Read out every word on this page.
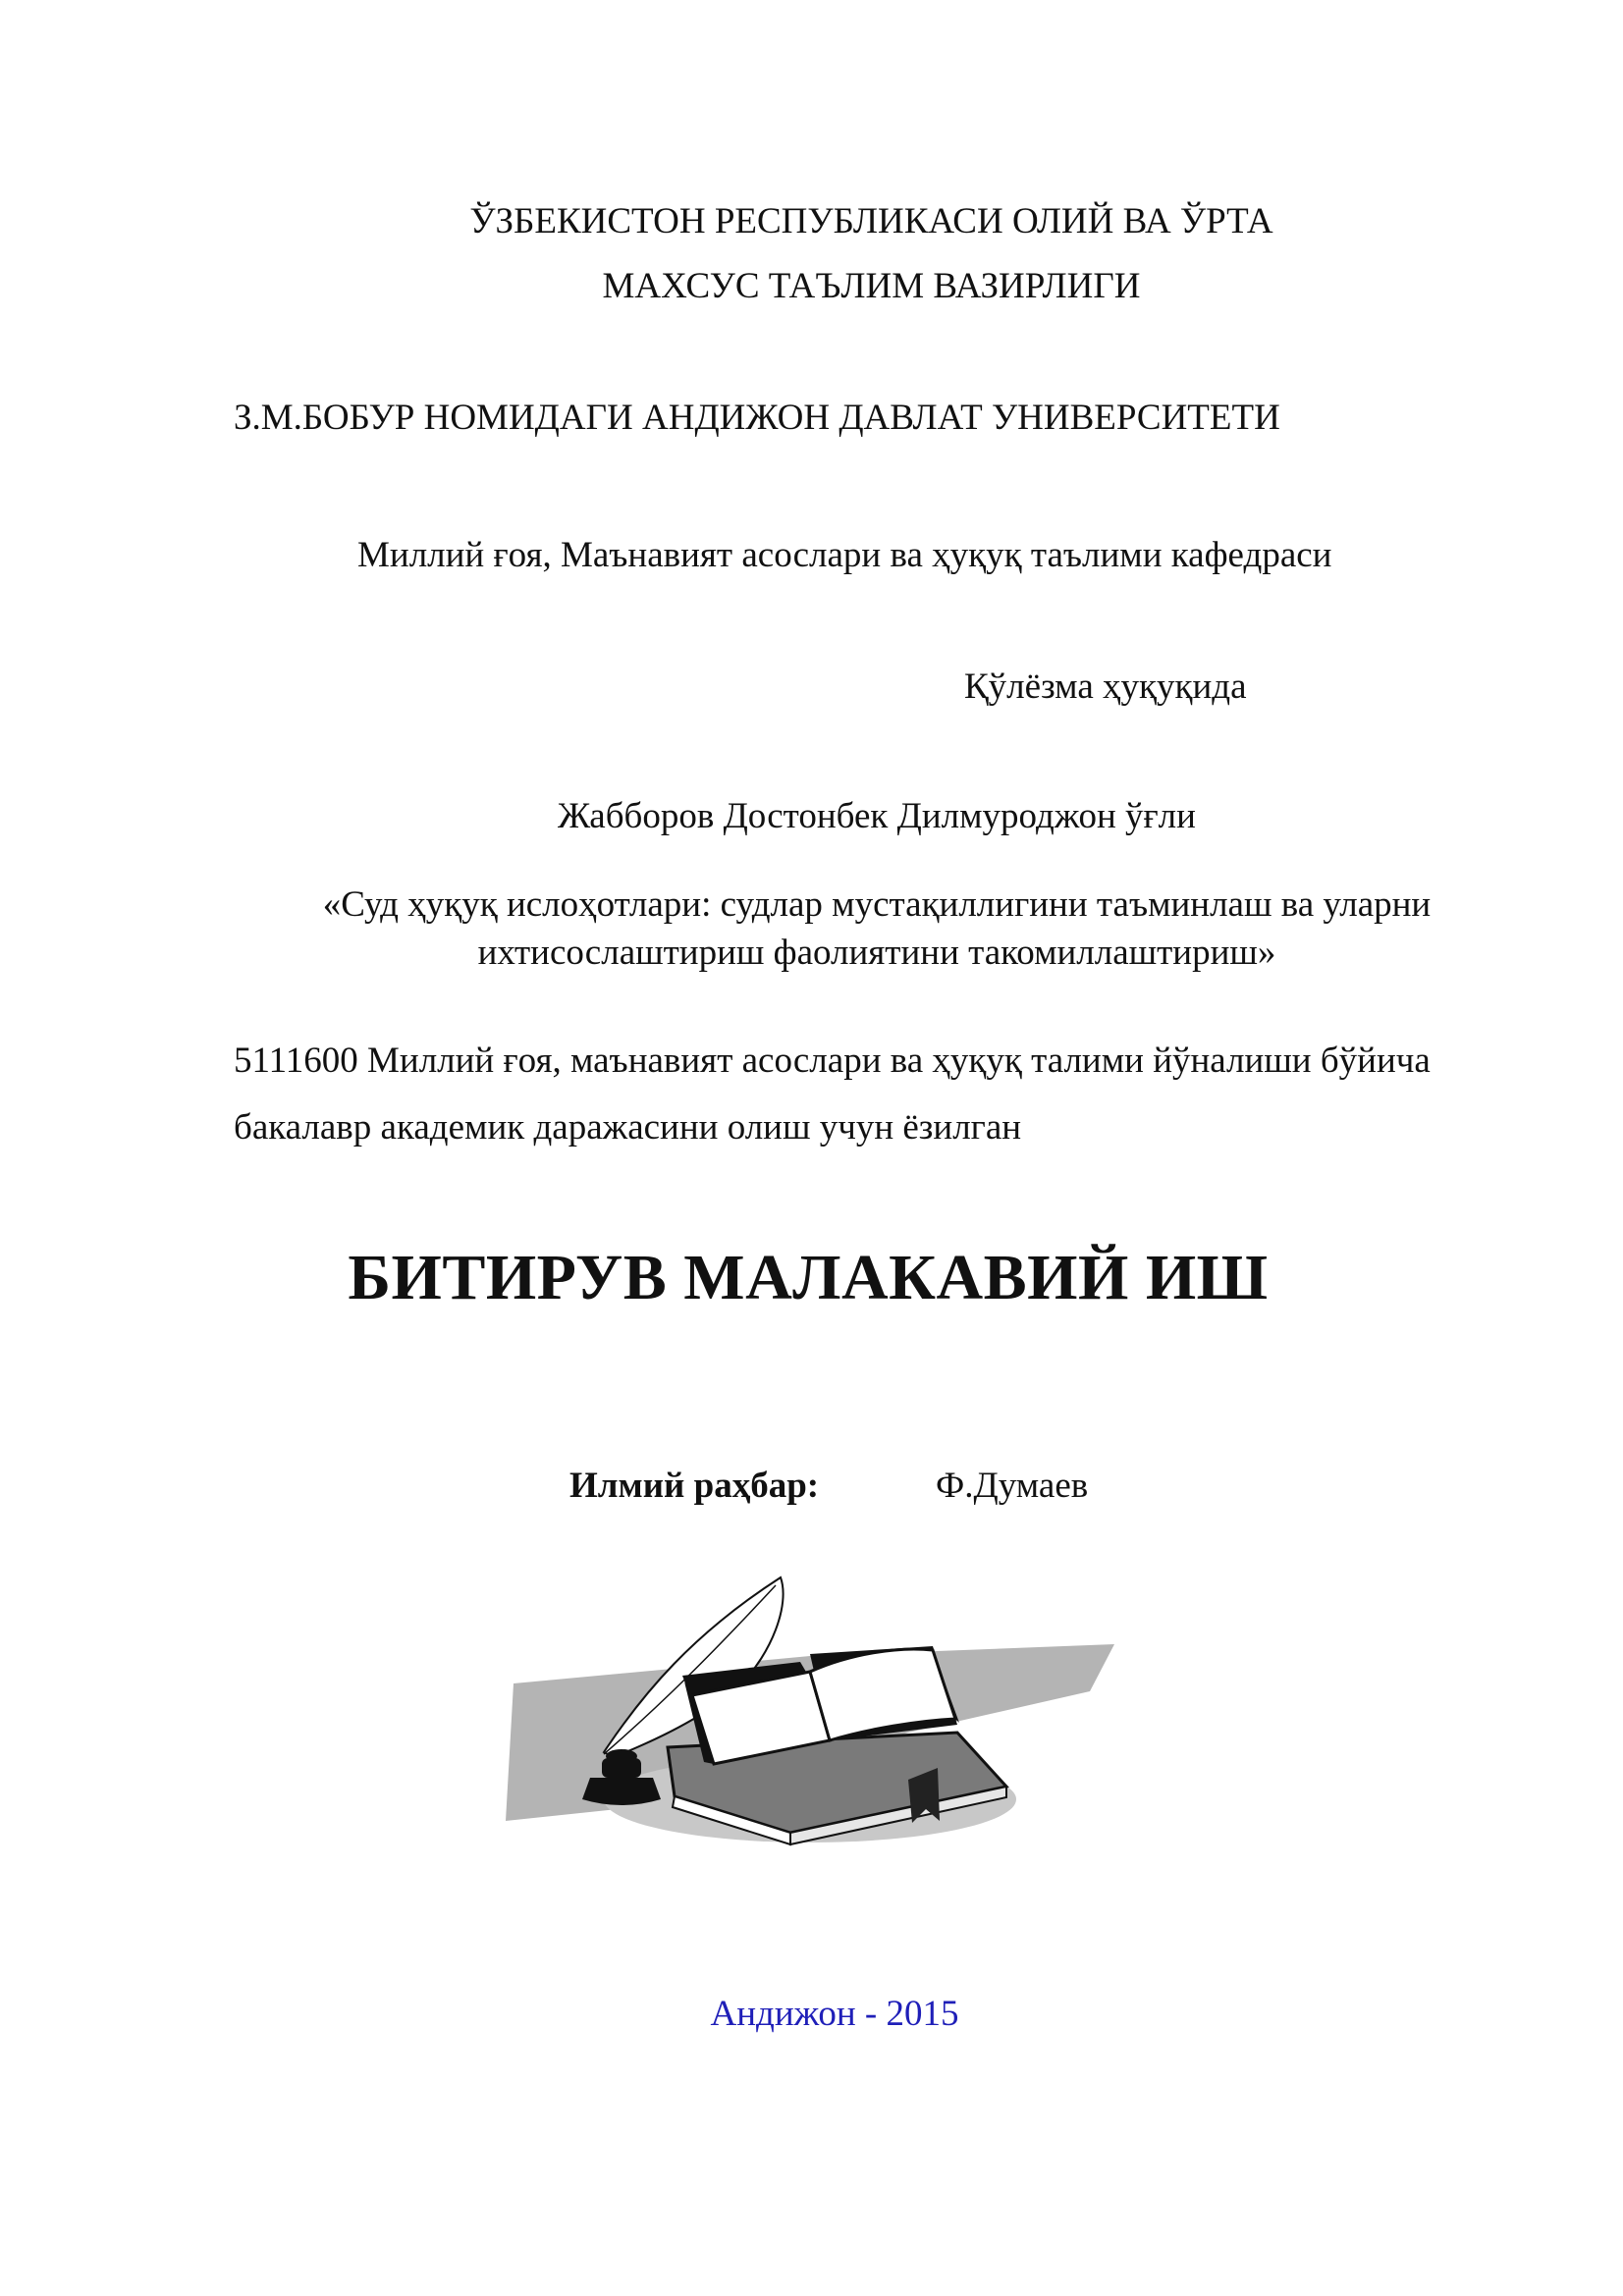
ЎЗБЕКИСТОН РЕСПУБЛИКАСИ ОЛИЙ ВА ЎРТА
МАХСУС ТАЪЛИМ ВАЗИРЛИГИ
З.М.БОБУР НОМИДАГИ АНДИЖОН ДАВЛАТ УНИВЕРСИТЕТИ
Миллий ғоя, Маънавият асослари ва ҳуқуқ таълими кафедраси
Қўлёзма ҳуқуқида
Жабборов Достонбек Дилмуроджон ўғли
«Суд ҳуқуқ ислоҳотлари: судлар мустақиллигини таъминлаш ва уларни
ихтисослаштириш фаолиятини такомиллаштириш»
5111600 Миллий ғоя, маънавият асослари ва ҳуқуқ талими йўналиши бўйича
бакалавр академик даражасини олиш учун ёзилган
БИТИРУВ МАЛАКАВИЙ ИШ
Илмий раҳбар:	Ф.Думаев
Андижон - 2015
